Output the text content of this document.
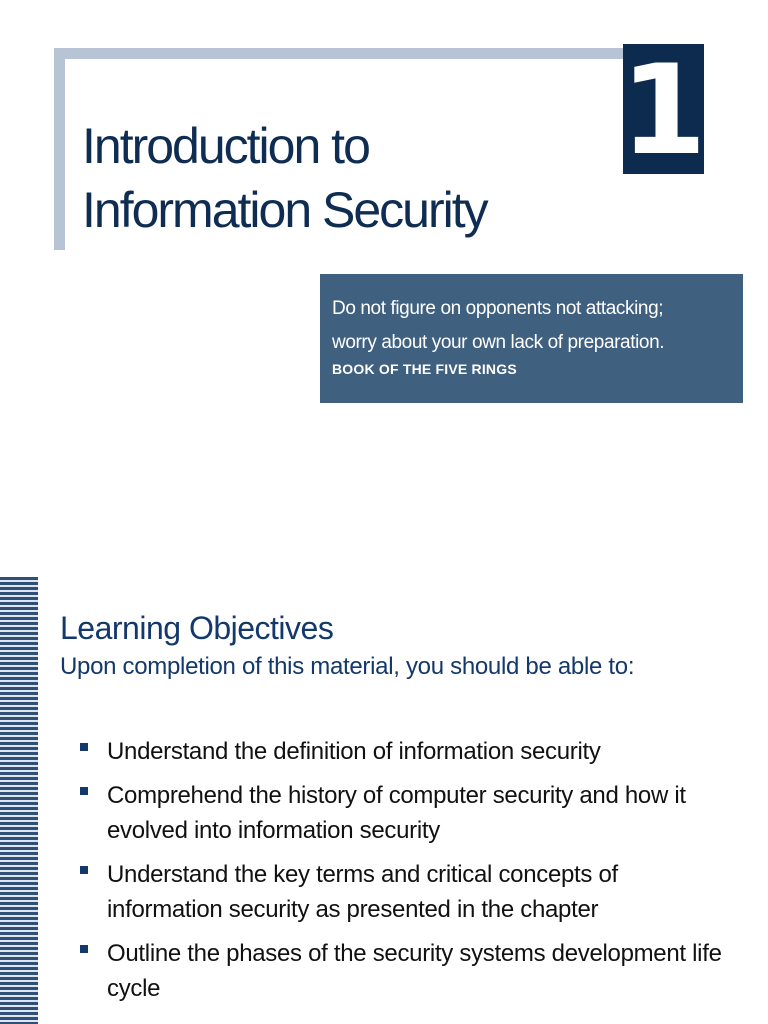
1
Introduction to
Information Security
Do not figure on opponents not attacking;
worry about your own lack of preparation.
BOOK OF THE FIVE RINGS
Learning Objectives

Upon completion of this material, you should be able to:

Understand the definition of information security
Comprehend the history of computer security and how it evolved into information security
Understand the key terms and critical concepts of information security as presented in the chapter
Outline the phases of the security systems development life cycle
